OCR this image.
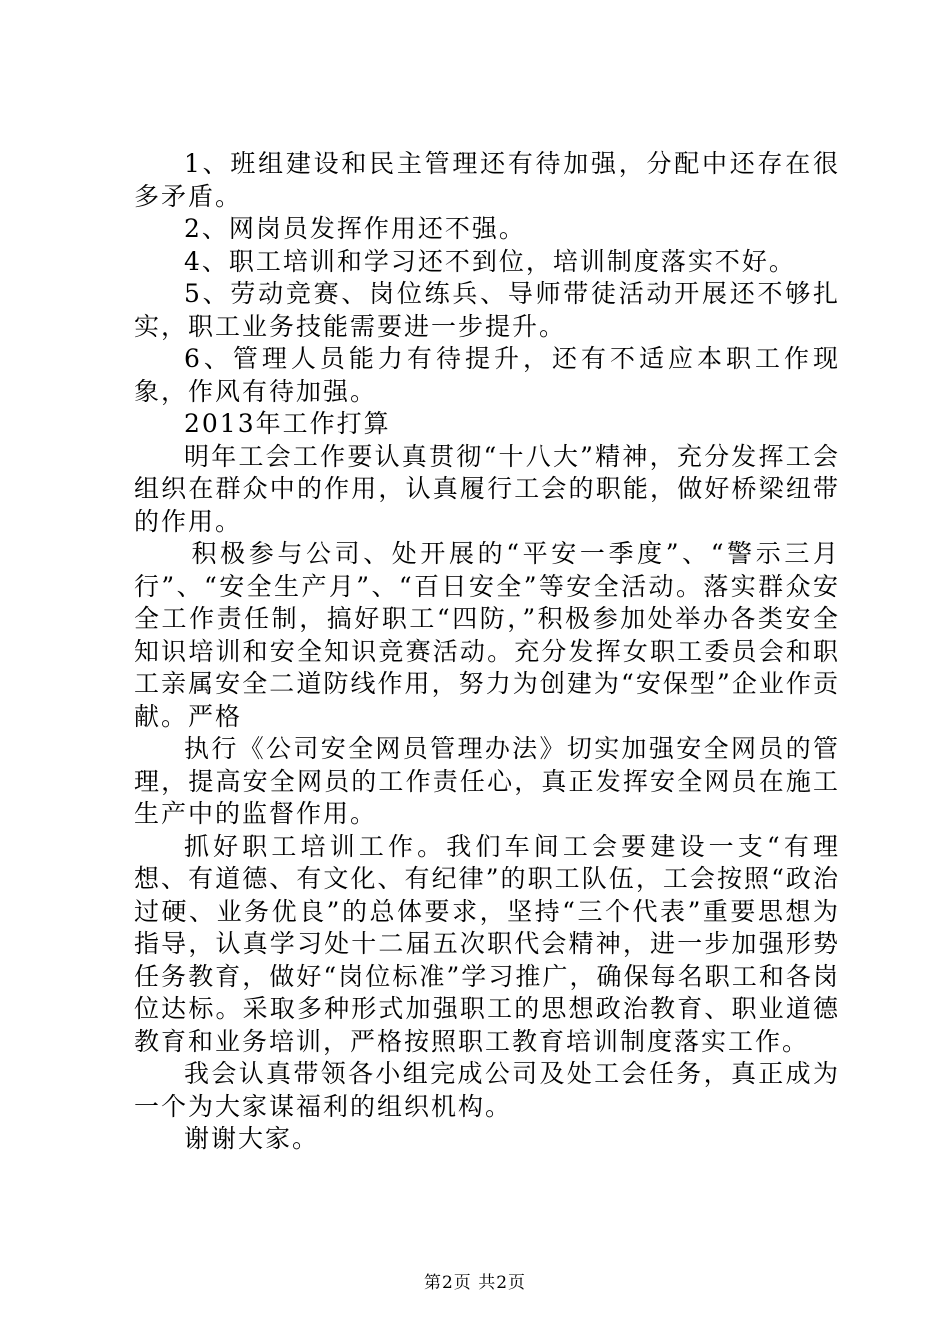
1、班组建设和民主管理还有待加强，分配中还存在很多矛盾。

2、网岗员发挥作用还不强。

4、职工培训和学习还不到位，培训制度落实不好。

5、劳动竞赛、岗位练兵、导师带徒活动开展还不够扎实，职工业务技能需要进一步提升。

6、管理人员能力有待提升，还有不适应本职工作现象，作风有待加强。

2013年工作打算

明年工会工作要认真贯彻“十八大”精神，充分发挥工会组织在群众中的作用，认真履行工会的职能，做好桥梁纽带的作用。

积极参与公司、处开展的“平安一季度”、“警示三月行”、“安全生产月”、“百日安全”等安全活动。落实群众安全工作责任制，搞好职工“四防，”积极参加处举办各类安全知识培训和安全知识竞赛活动。充分发挥女职工委员会和职工亲属安全二道防线作用，努力为创建为“安保型”企业作贡献。严格

执行《公司安全网员管理办法》切实加强安全网员的管理，提高安全网员的工作责任心，真正发挥安全网员在施工生产中的监督作用。

抓好职工培训工作。我们车间工会要建设一支“有理想、有道德、有文化、有纪律”的职工队伍，工会按照“政治过硬、业务优良”的总体要求，坚持“三个代表”重要思想为指导，认真学习处十二届五次职代会精神，进一步加强形势任务教育，做好“岗位标准”学习推广，确保每名职工和各岗位达标。采取多种形式加强职工的思想政治教育、职业道德教育和业务培训，严格按照职工教育培训制度落实工作。

我会认真带领各小组完成公司及处工会任务，真正成为一个为大家谋福利的组织机构。

谢谢大家。

第2页 共2页
